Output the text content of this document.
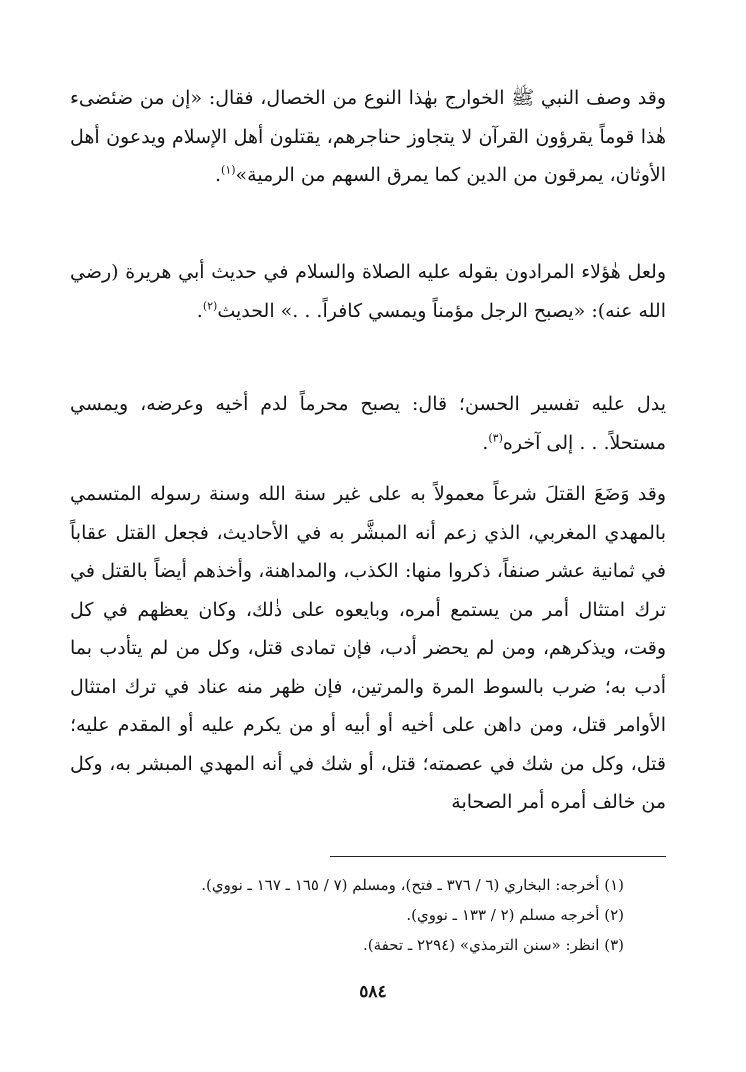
وقد وصف النبي ﷺ الخوارج بهٰذا النوع من الخصال، فقال: «إن من ضئضىء هٰذا قوماً يقرؤون القرآن لا يتجاوز حناجرهم، يقتلون أهل الإسلام ويدعون أهل الأوثان، يمرقون من الدين كما يمرق السهم من الرمية»$^{(١)}$.

ولعل هٰؤلاء المرادون بقوله عليه الصلاة والسلام في حديث أبي هريرة (رضي الله عنه): «يصبح الرجل مؤمناً ويمسي كافراً. . .» الحديث$^{(٢)}$.

يدل عليه تفسير الحسن؛ قال: يصبح محرماً لدم أخيه وعرضه، ويمسي مستحلاً. . . إلى آخره$^{(٣)}$.

وقد وَضَعَ القتلَ شرعاً معمولاً به على غير سنة الله وسنة رسوله المتسمي بالمهدي المغربي، الذي زعم أنه المبشَّر به في الأحاديث، فجعل القتل عقاباً في ثمانية عشر صنفاً، ذكروا منها: الكذب، والمداهنة، وأخذهم أيضاً بالقتل في ترك امتثال أمر من يستمع أمره، وبايعوه على ذٰلك، وكان يعظهم في كل وقت، ويذكرهم، ومن لم يحضر أدب، فإن تمادى قتل، وكل من لم يتأدب بما أدب به؛ ضرب بالسوط المرة والمرتين، فإن ظهر منه عناد في ترك امتثال الأوامر قتل، ومن داهن على أخيه أو أبيه أو من يكرم عليه أو المقدم عليه؛ قتل، وكل من شك في عصمته؛ قتل، أو شك في أنه المهدي المبشر به، وكل من خالف أمره أمر الصحابة

(١) أخرجه: البخاري (٦ / ٣٧٦ ـ فتح)، ومسلم (٧ / ١٦٥ ـ ١٦٧ ـ نووي).
(٢) أخرجه مسلم (٢ / ١٣٣ ـ نووي).
(٣) انظر: «سنن الترمذي» (٢٢٩٤ ـ تحفة).
٥٨٤
